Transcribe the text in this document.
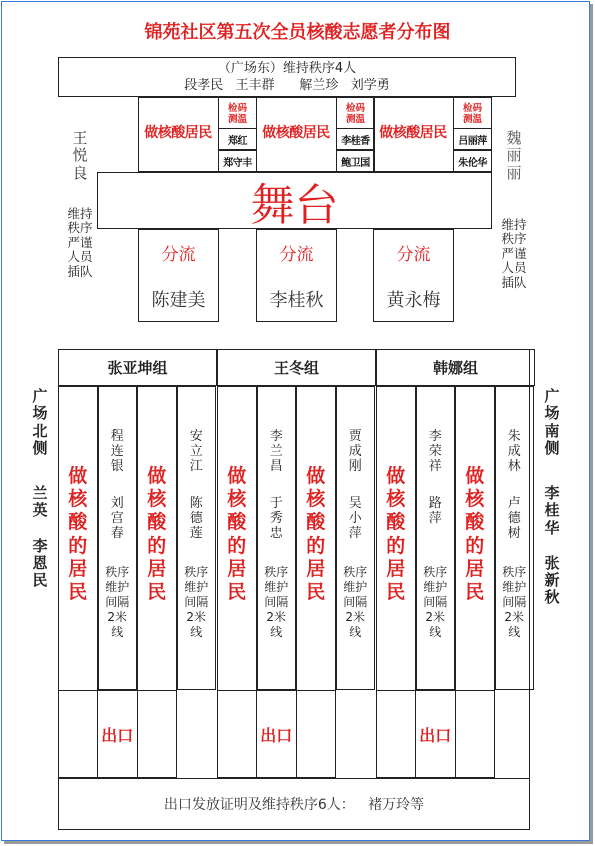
锦苑社区第五次全员核酸志愿者分布图
（广场东）维持秩序4人
段孝民   王丰群      解兰珍   刘学勇
做核酸居民
检码
测温
郑红
郑守丰
做核酸居民
检码
测温
李桂香
鲍卫国
做核酸居民
检码
测温
吕丽萍
朱伦华
舞台
王
悦
良
维持
秩序
严谨
人员
插队
魏
丽
丽
维持
秩序
严谨
人员
插队
分流
陈建美
分流
李桂秋
分流
黄永梅
张亚坤组
做
核
酸
的
居
民
程
连
银
刘
宫
春
秩序
维护
间隔
2米
线
做
核
酸
的
居
民
安
立
江
陈
德
莲
秩序
维护
间隔
2米
线
王冬组
做
核
酸
的
居
民
李
兰
昌
于
秀
忠
秩序
维护
间隔
2米
线
做
核
酸
的
居
民
贾
成
刚
吴
小
萍
秩序
维护
间隔
2米
线
韩娜组
做
核
酸
的
居
民
李
荣
祥
路
萍
秩序
维护
间隔
2米
线
做
核
酸
的
居
民
朱
成
林
卢
德
树
秩序
维护
间隔
2米
线
广
场
北
侧
兰
英
李
恩
民
广
场
南
侧
李
桂
华
张
新
秋
出口	出口	出口
出口发放证明及维持秩序6人：   褚万玲等
